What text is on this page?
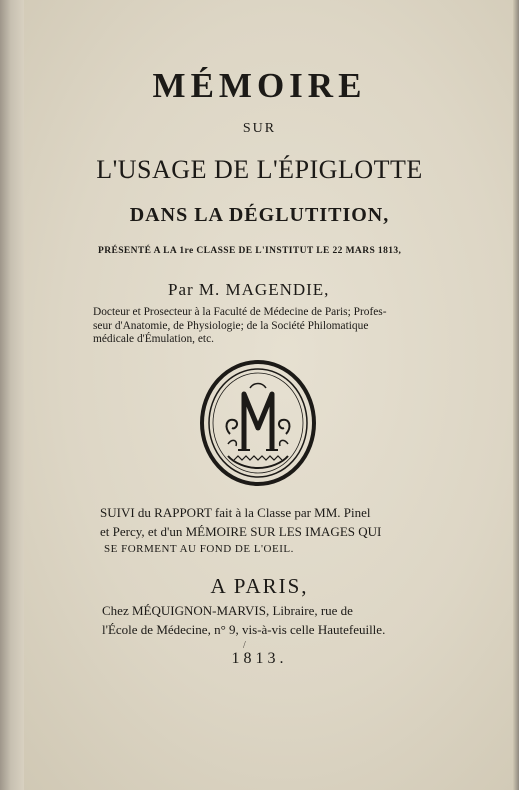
MÉMOIRE
SUR
L'USAGE DE L'ÉPIGLOTTE
DANS LA DÉGLUTITION,
PRÉSENTÉ A LA 1re CLASSE DE L'INSTITUT LE 22 MARS 1813,
Par M. MAGENDIE,
Docteur et Prosecteur à la Faculté de Médecine de Paris; Profes-
seur d'Anatomie, de Physiologie; de la Société Philomatique
médicale d'Émulation, etc.
SUIVI du RAPPORT fait à la Classe par MM. Pinel
et Percy, et d'un MÉMOIRE SUR LES IMAGES QUI
SE FORMENT AU FOND DE L'OEIL.
A PARIS,
Chez MÉQUIGNON-MARVIS, Libraire, rue de
l'École de Médecine, n° 9, vis-à-vis celle Hautefeuille.
/
1813.
